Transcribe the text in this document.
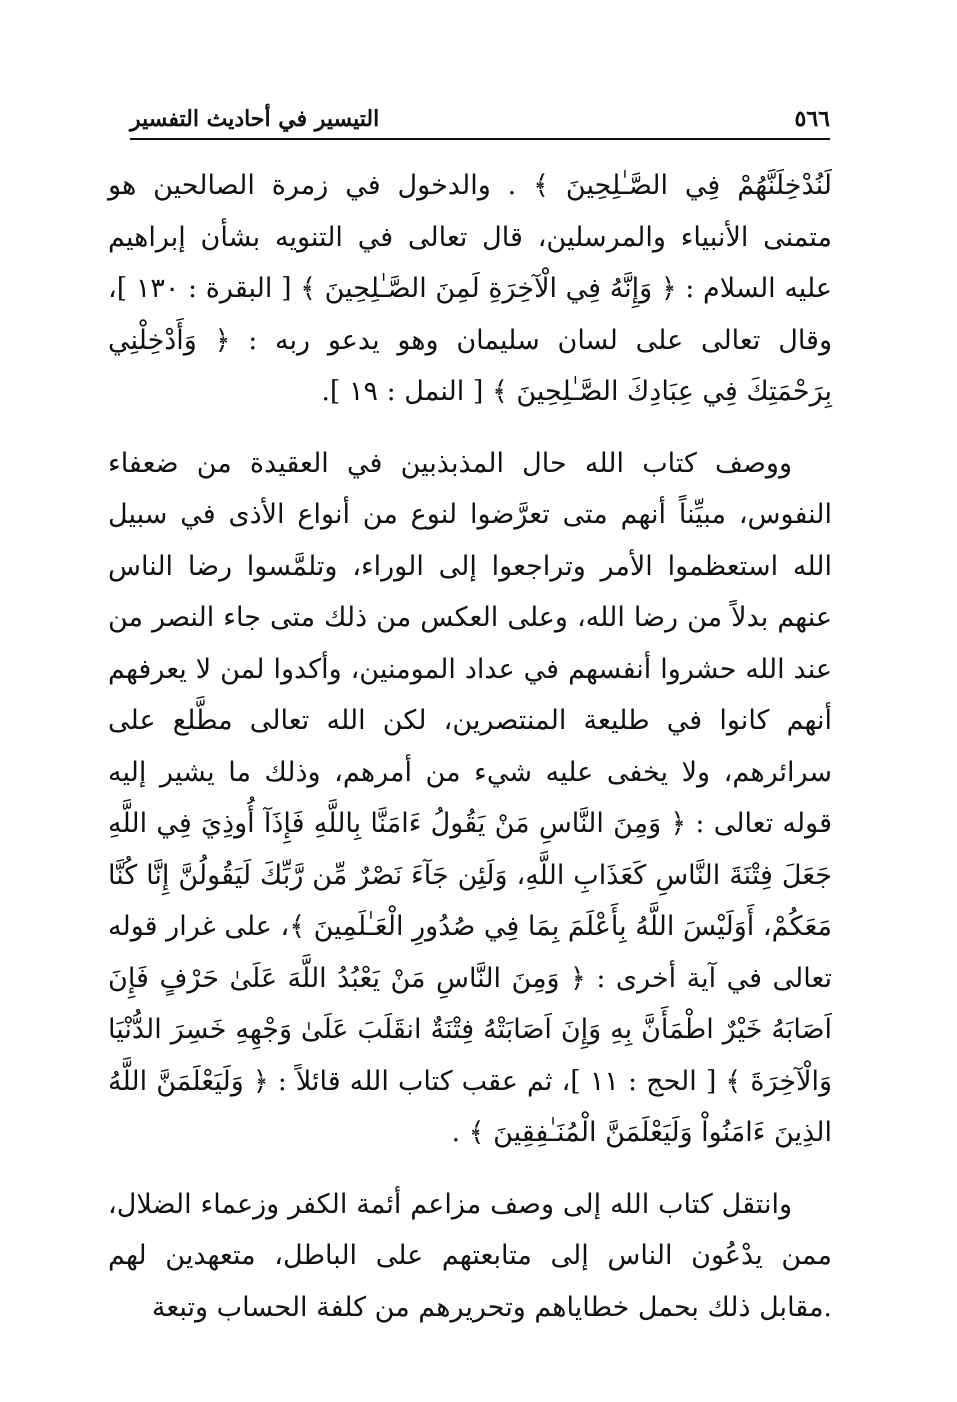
التيسير في أحاديث التفسير	٥٦٦

لَنُدْخِلَنَّهُمْ فِي الصَّـٰلِحِينَ ﴾ . والدخول في زمرة الصالحين هو متمنى الأنبياء والمرسلين، قال تعالى في التنويه بشأن إبراهيم عليه السلام : ﴿ وَإِنَّهُ فِي الْآخِرَةِ لَمِنَ الصَّـٰلِحِينَ ﴾ [ البقرة : ١٣٠ ]، وقال تعالى على لسان سليمان وهو يدعو ربه : ﴿ وَأَدْخِلْنِي بِرَحْمَتِكَ فِي عِبَادِكَ الصَّـٰلِحِينَ ﴾ [ النمل : ١٩ ].

ووصف كتاب الله حال المذبذبين في العقيدة من ضعفاء النفوس، مبيِّناً أنهم متى تعرَّضوا لنوع من أنواع الأذى في سبيل الله استعظموا الأمر وتراجعوا إلى الوراء، وتلمَّسوا رضا الناس عنهم بدلاً من رضا الله، وعلى العكس من ذلك متى جاء النصر من عند الله حشروا أنفسهم في عداد المومنين، وأكدوا لمن لا يعرفهم أنهم كانوا في طليعة المنتصرين، لكن الله تعالى مطَّلع على سرائرهم، ولا يخفى عليه شيء من أمرهم، وذلك ما يشير إليه قوله تعالى : ﴿ وَمِنَ النَّاسِ مَنْ يَقُولُ ءَامَنَّا بِاللَّهِ فَإِذَآ أُوذِيَ فِي اللَّهِ جَعَلَ فِتْنَةَ النَّاسِ كَعَذَابِ اللَّهِ، وَلَئِن جَآءَ نَصْرٌ مِّن رَّبِّكَ لَيَقُولُنَّ إِنَّا كُنَّا مَعَكُمْ، أَوَلَيْسَ اللَّهُ بِأَعْلَمَ بِمَا فِي صُدُورِ الْعَـٰلَمِينَ ﴾، على غرار قوله تعالى في آية أخرى : ﴿ وَمِنَ النَّاسِ مَنْ يَعْبُدُ اللَّهَ عَلَىٰ حَرْفٍ فَإِنَ اَصَابَهُ خَيْرٌ اطْمَأَنَّ بِهِ وَإِنَ اَصَابَتْهُ فِتْنَةٌ انقَلَبَ عَلَىٰ وَجْهِهِ خَسِرَ الدُّنْيَا وَالْآخِرَةَ ﴾ [ الحج : ١١ ]، ثم عقب كتاب الله قائلاً : ﴿ وَلَيَعْلَمَنَّ اللَّهُ الذِينَ ءَامَنُواْ وَلَيَعْلَمَنَّ الْمُنَـٰفِقِينَ ﴾ .

وانتقل كتاب الله إلى وصف مزاعم أئمة الكفر وزعماء الضلال، ممن يدْعُون الناس إلى متابعتهم على الباطل، متعهدين لهم .مقابل ذلك بحمل خطاياهم وتحريرهم من كلفة الحساب وتبعة
